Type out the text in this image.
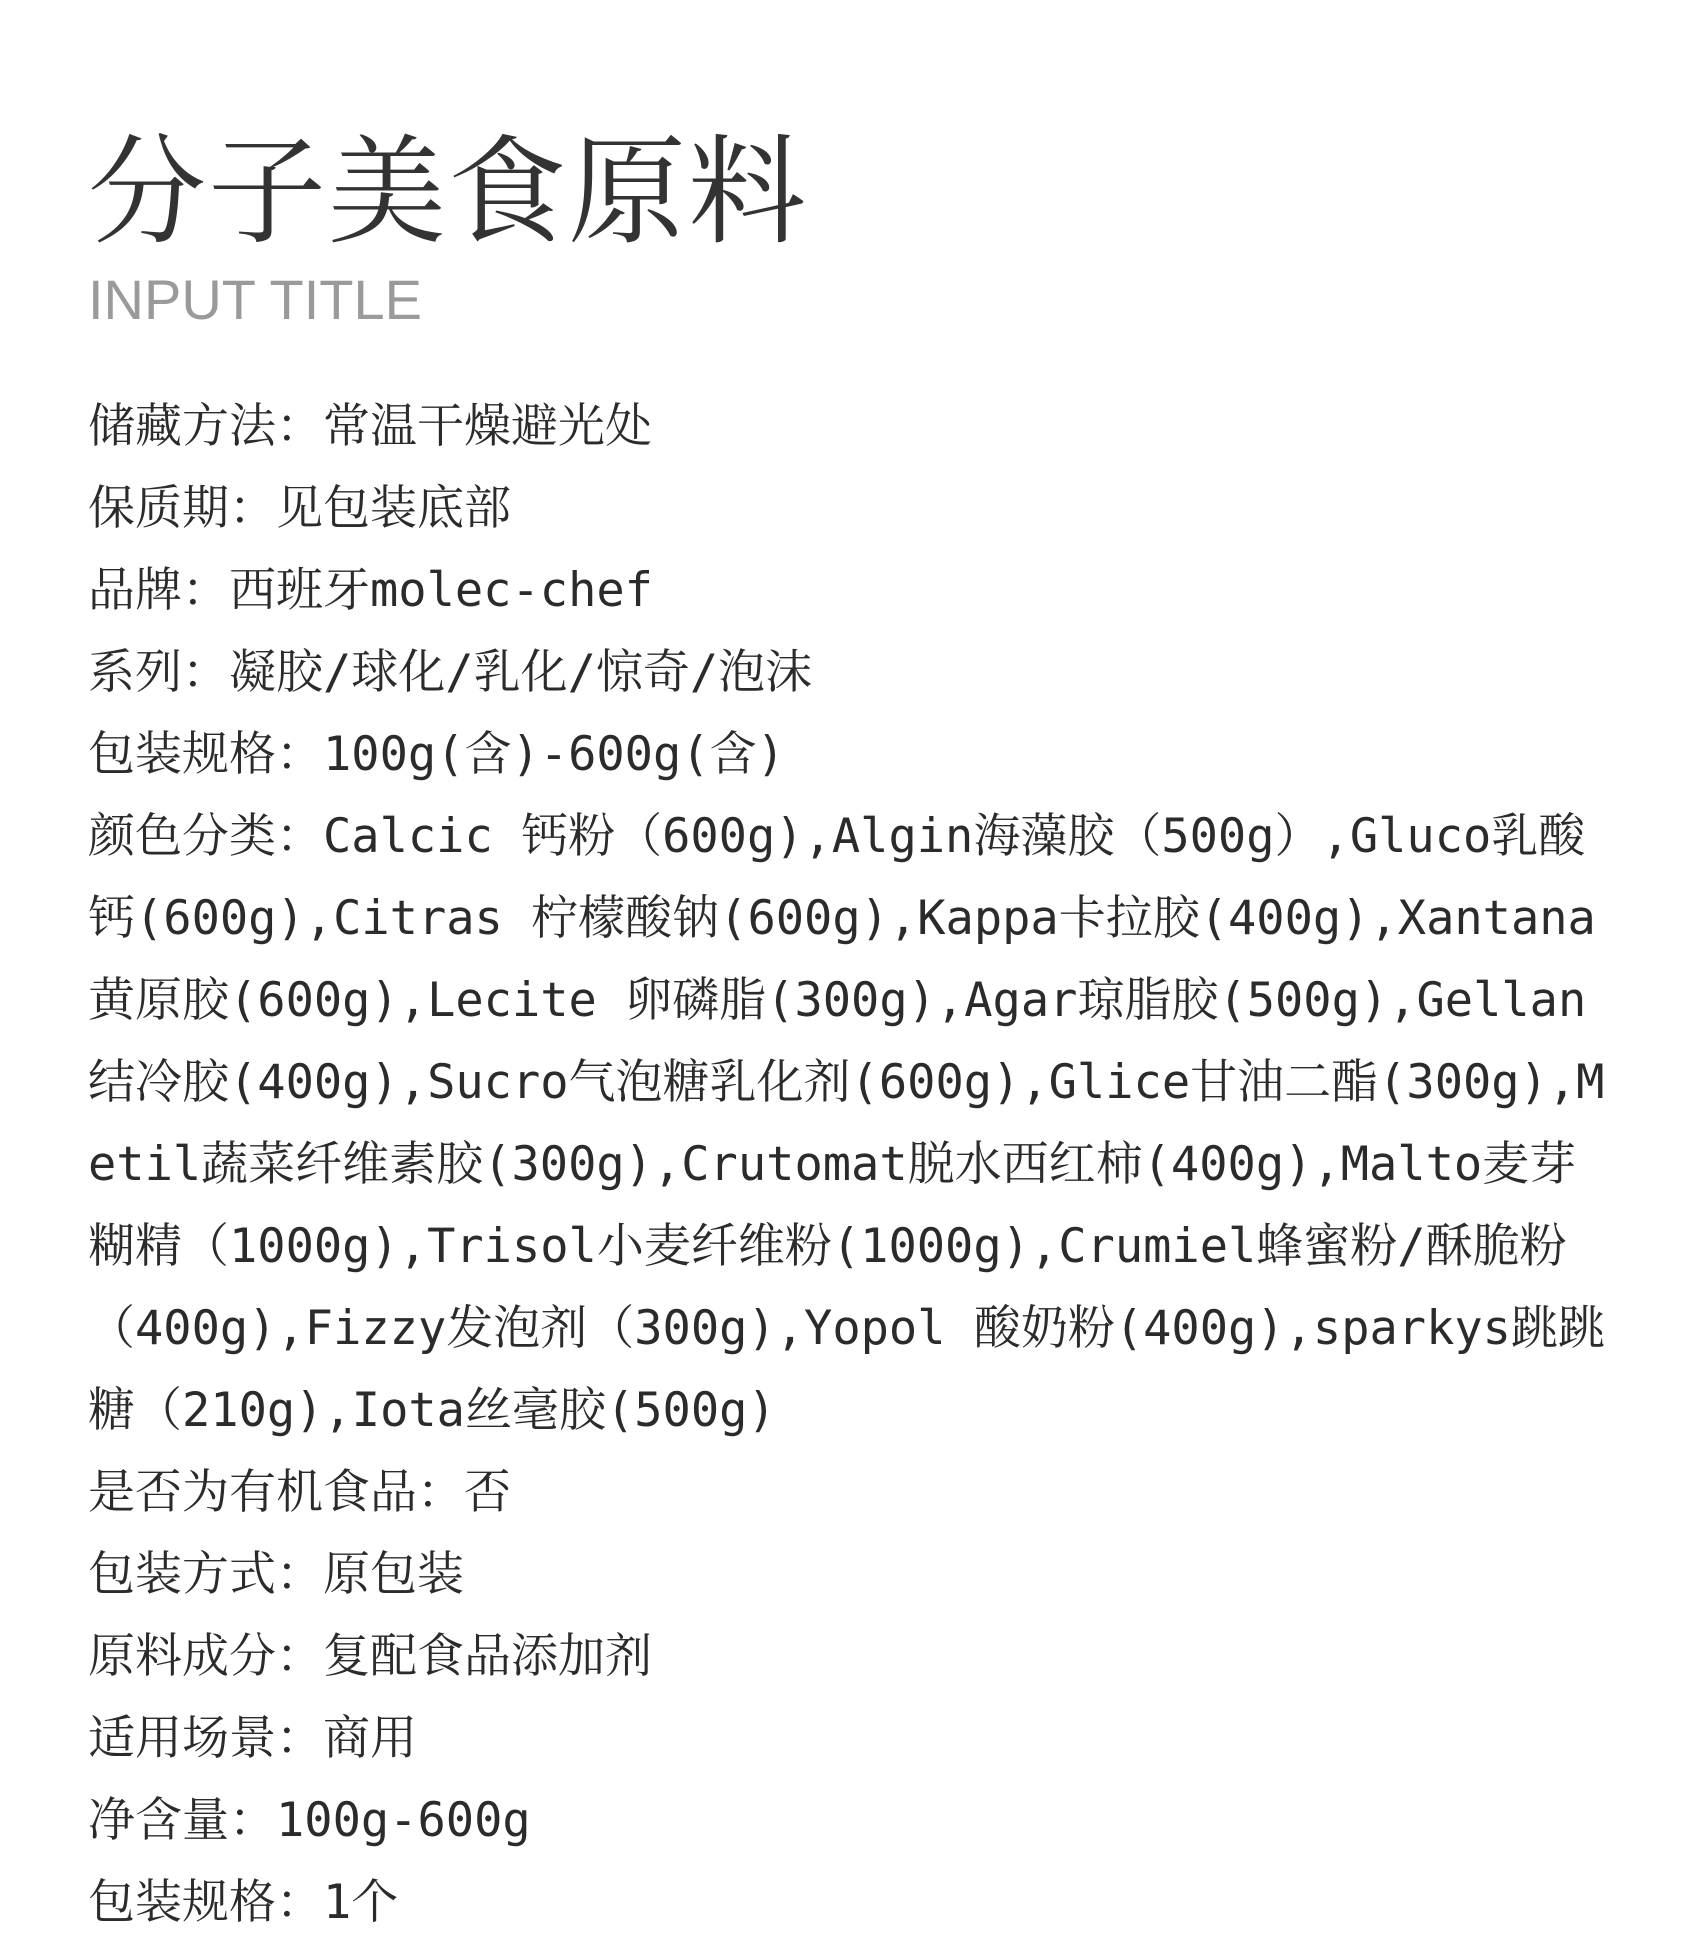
分子美食原料
INPUT TITLE
储藏方法：常温干燥避光处
保质期：见包装底部
品牌：西班牙molec-chef
系列：凝胶/球化/乳化/惊奇/泡沫
包装规格：100g(含)-600g(含)
颜色分类：Calcic 钙粉（600g),Algin海藻胶（500g）,Gluco乳酸钙(600g),Citras 柠檬酸钠(600g),Kappa卡拉胶(400g),Xantana黄原胶(600g),Lecite 卵磷脂(300g),Agar琼脂胶(500g),Gellan结冷胶(400g),Sucro气泡糖乳化剂(600g),Glice甘油二酯(300g),Metil蔬菜纤维素胶(300g),Crutomat脱水西红柿(400g),Malto麦芽糊精（1000g),Trisol小麦纤维粉(1000g),Crumiel蜂蜜粉/酥脆粉（400g),Fizzy发泡剂（300g),Yopol 酸奶粉(400g),sparkys跳跳糖（210g),Iota丝毫胶(500g)
是否为有机食品：否
包装方式：原包装
原料成分：复配食品添加剂
适用场景：商用
净含量：100g-600g
包装规格：1个
